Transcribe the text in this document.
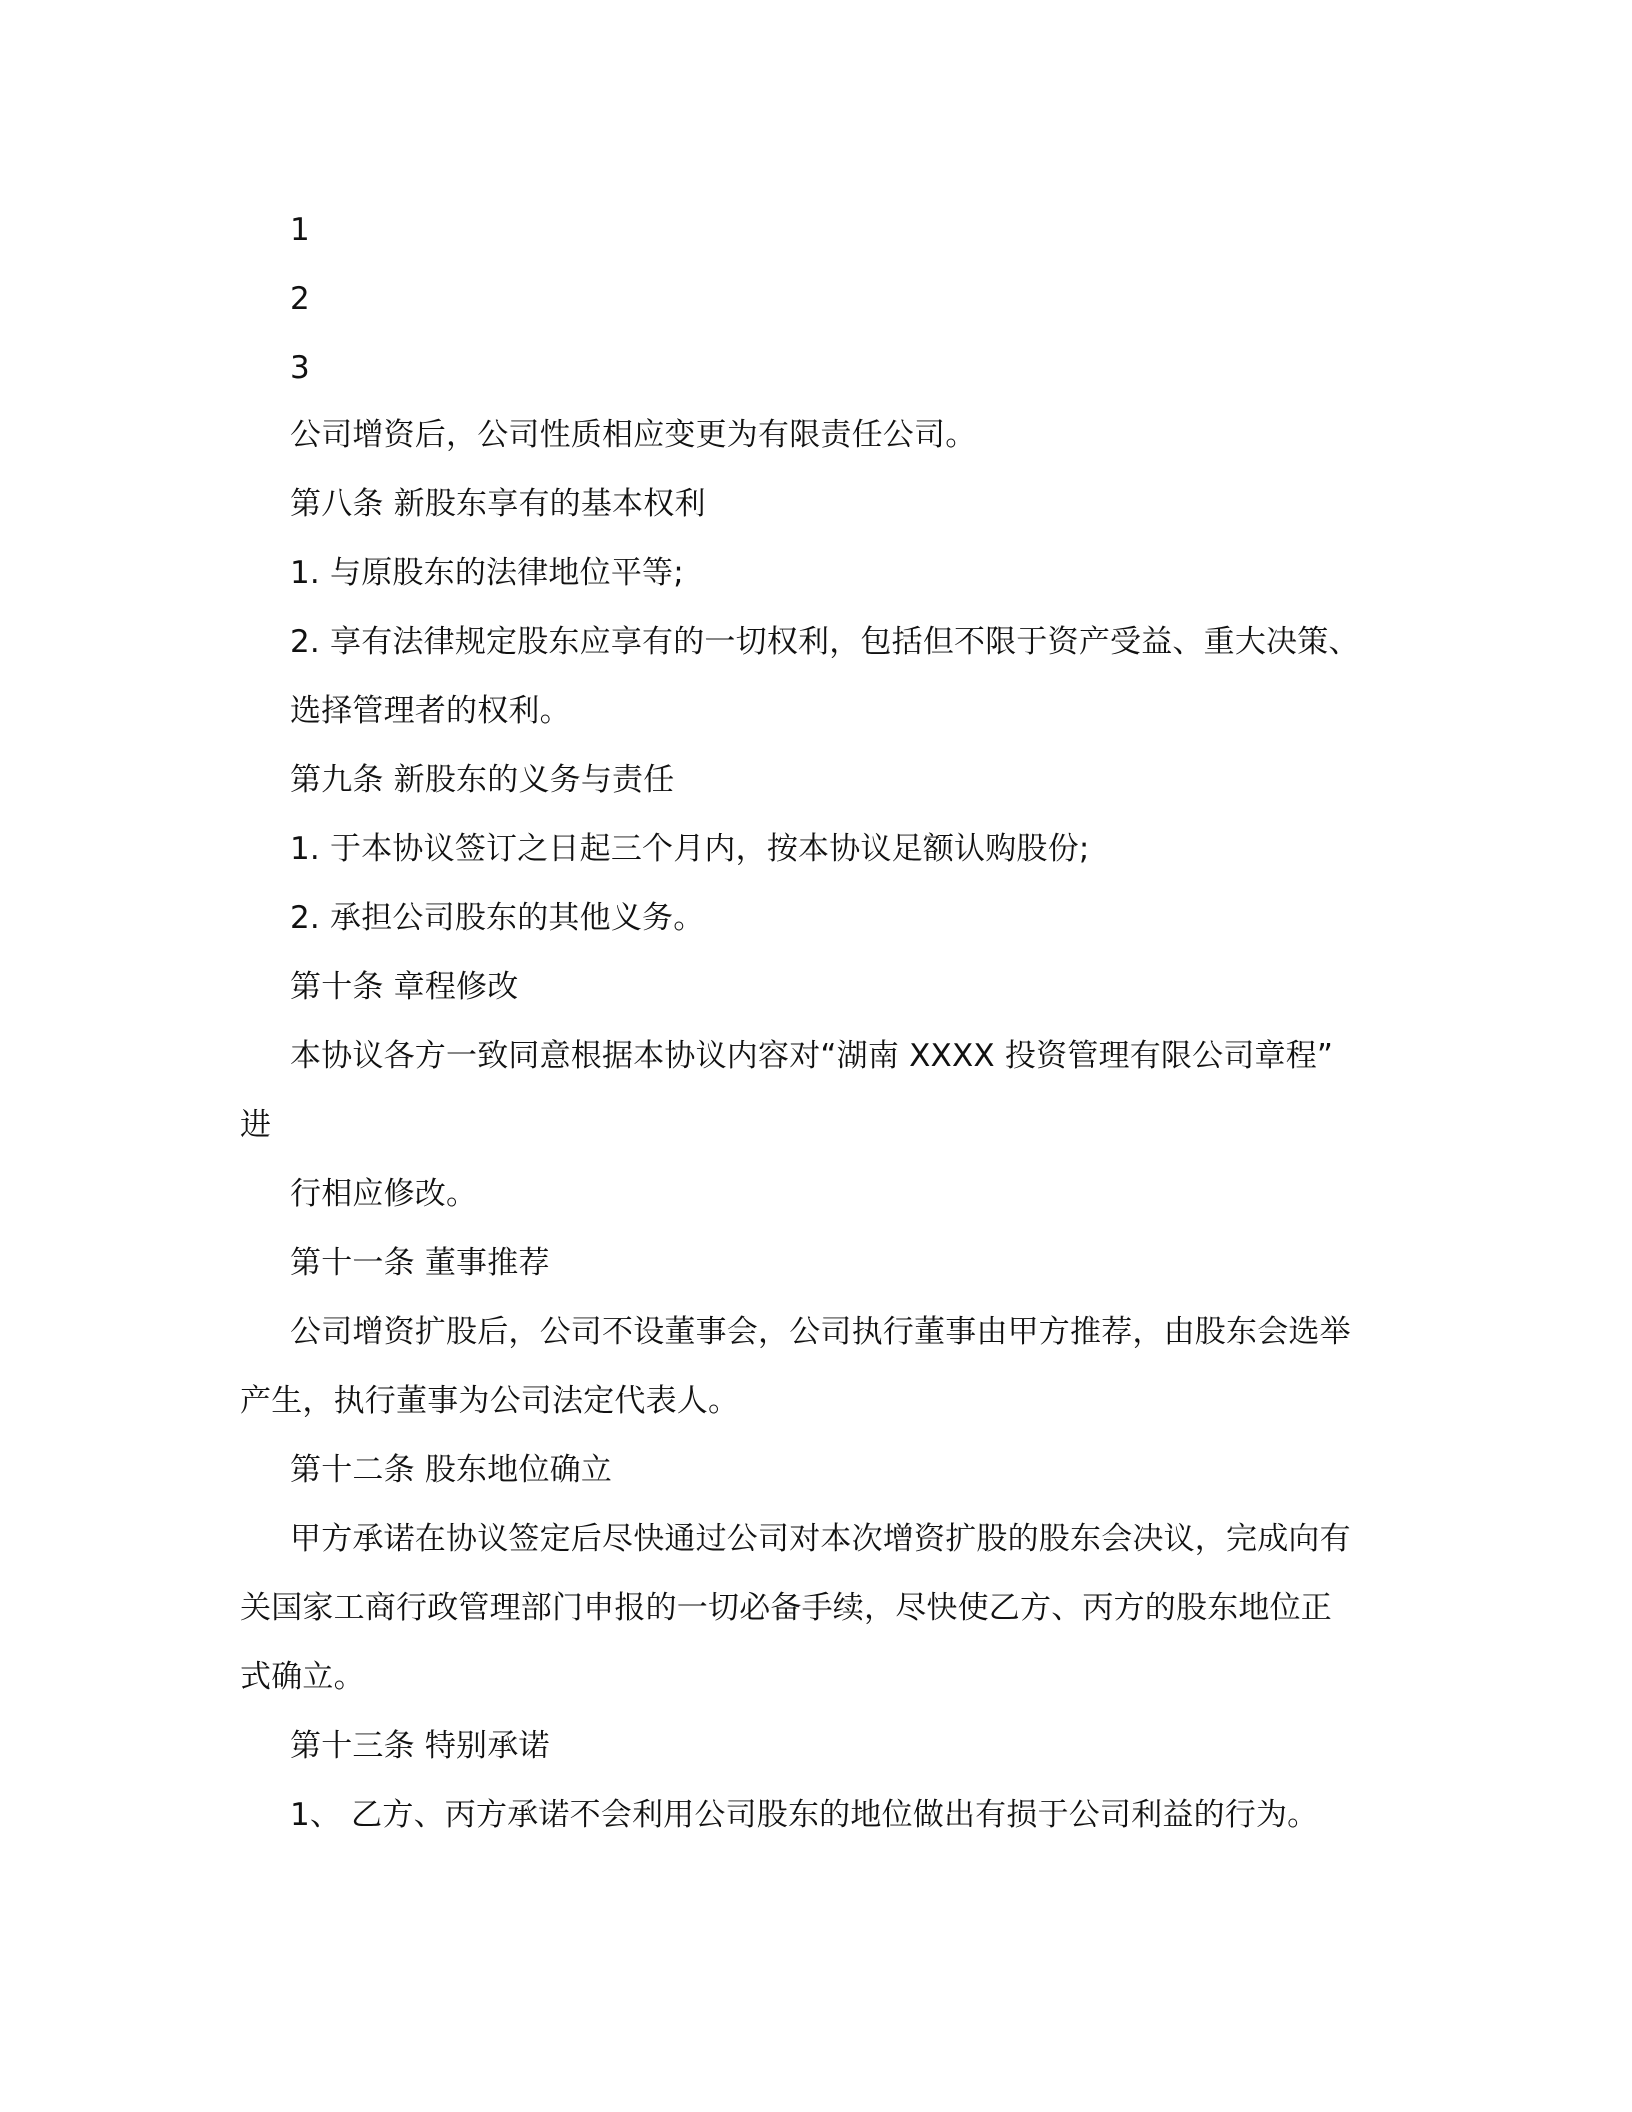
1
2
3
公司增资后，公司性质相应变更为有限责任公司。
第八条 新股东享有的基本权利
1. 与原股东的法律地位平等;
2. 享有法律规定股东应享有的一切权利，包括但不限于资产受益、重大决策、
选择管理者的权利。
第九条 新股东的义务与责任
1. 于本协议签订之日起三个月内，按本协议足额认购股份;
2. 承担公司股东的其他义务。
第十条 章程修改
本协议各方一致同意根据本协议内容对“湖南 XXXX 投资管理有限公司章程”
进
行相应修改。
第十一条 董事推荐
公司增资扩股后，公司不设董事会，公司执行董事由甲方推荐，由股东会选举
产生，执行董事为公司法定代表人。
第十二条 股东地位确立
甲方承诺在协议签定后尽快通过公司对本次增资扩股的股东会决议，完成向有
关国家工商行政管理部门申报的一切必备手续，尽快使乙方、丙方的股东地位正
式确立。
第十三条 特别承诺
1、 乙方、丙方承诺不会利用公司股东的地位做出有损于公司利益的行为。
